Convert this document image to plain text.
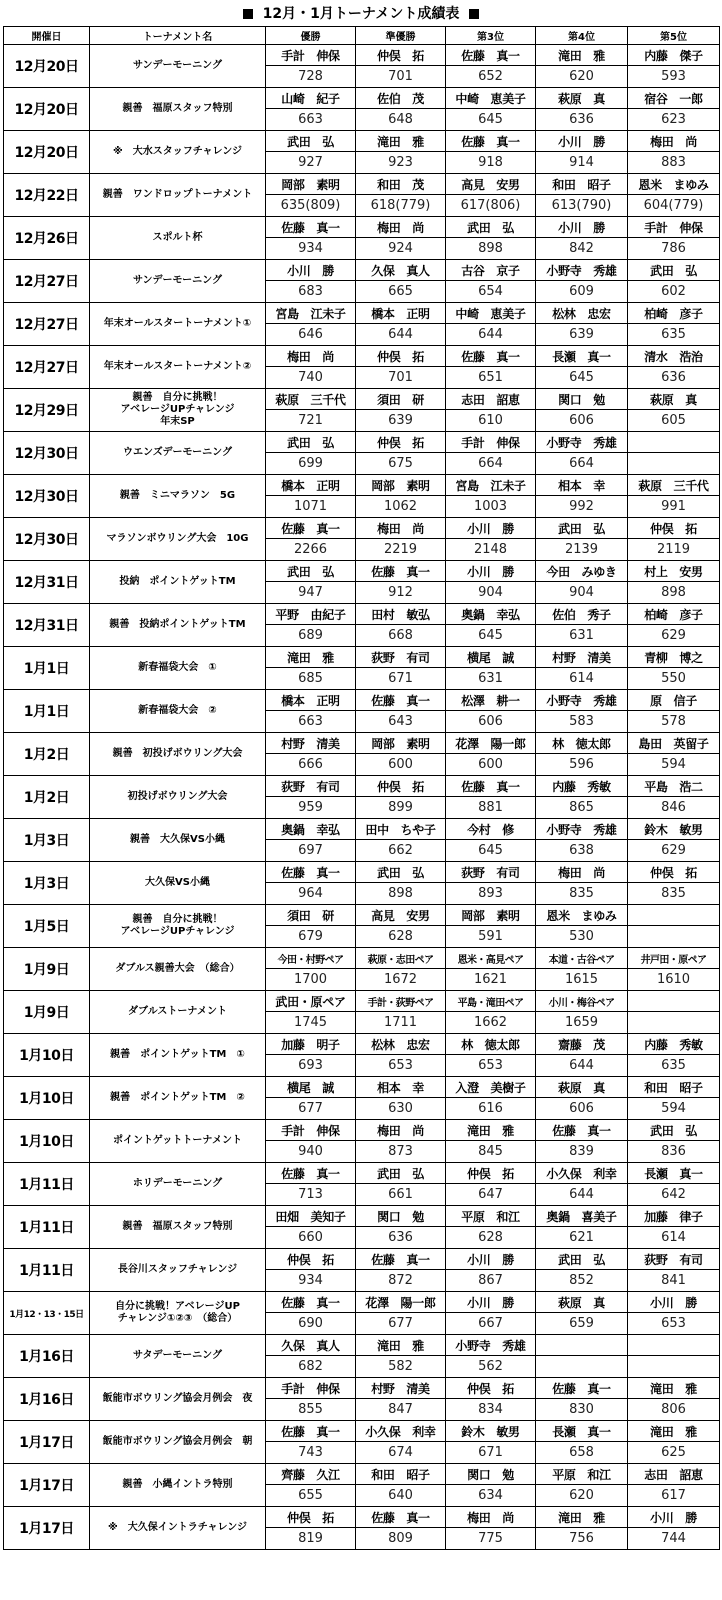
12月・1月トーナメント成績表
開催日	トーナメント名	優勝	準優勝	第3位	第4位	第5位
12月20日	サンデーモーニング	手計　伸保	仲俣　拓	佐藤　真一	滝田　雅	内藤　傑子
		728	701	652	620	593
12月20日	親善　福原スタッフ特別	山崎　紀子	佐伯　茂	中崎　恵美子	萩原　真	宿谷　一郎
		663	648	645	636	623
12月20日	※　大水スタッフチャレンジ	武田　弘	滝田　雅	佐藤　真一	小川　勝	梅田　尚
		927	923	918	914	883
12月22日	親善　ワンドロップトーナメント	岡部　素明	和田　茂	高見　安男	和田　昭子	恩米　まゆみ
		635(809)	618(779)	617(806)	613(790)	604(779)
12月26日	スポルト杯	佐藤　真一	梅田　尚	武田　弘	小川　勝	手計　伸保
		934	924	898	842	786
12月27日	サンデーモーニング	小川　勝	久保　真人	古谷　京子	小野寺　秀雄	武田　弘
		683	665	654	609	602
12月27日	年末オールスタートーナメント①	宮島　江未子	橋本　正明	中崎　恵美子	松林　忠宏	柏崎　彦子
		646	644	644	639	635
12月27日	年末オールスタートーナメント②	梅田　尚	仲俣　拓	佐藤　真一	長瀬　真一	清水　浩治
		740	701	651	645	636
12月29日	親善　自分に挑戦！
アベレージUPチャレンジ
年末SP	萩原　三千代	須田　研	志田　詔恵	関口　勉	萩原　真
		721	639	610	606	605
12月30日	ウエンズデーモーニング	武田　弘	仲俣　拓	手計　伸保	小野寺　秀雄	
		699	675	664	664	
12月30日	親善　ミニマラソン　5G	橋本　正明	岡部　素明	宮島　江未子	相本　幸	萩原　三千代
		1071	1062	1003	992	991
12月30日	マラソンボウリング大会　10G	佐藤　真一	梅田　尚	小川　勝	武田　弘	仲俣　拓
		2266	2219	2148	2139	2119
12月31日	投納　ポイントゲットTM	武田　弘	佐藤　真一	小川　勝	今田　みゆき	村上　安男
		947	912	904	904	898
12月31日	親善　投納ポイントゲットTM	平野　由紀子	田村　敏弘	奥鍋　幸弘	佐伯　秀子	柏崎　彦子
		689	668	645	631	629
1月1日	新春福袋大会　①	滝田　雅	荻野　有司	横尾　誠	村野　清美	青柳　博之
		685	671	631	614	550
1月1日	新春福袋大会　②	橋本　正明	佐藤　真一	松澤　耕一	小野寺　秀雄	原　信子
		663	643	606	583	578
1月2日	親善　初投げボウリング大会	村野　清美	岡部　素明	花澤　陽一郎	林　徳太郎	島田　英留子
		666	600	600	596	594
1月2日	初投げボウリング大会	荻野　有司	仲俣　拓	佐藤　真一	内藤　秀敏	平島　浩二
		959	899	881	865	846
1月3日	親善　大久保VS小縄	奥鍋　幸弘	田中　ちや子	今村　修	小野寺　秀雄	鈴木　敏男
		697	662	645	638	629
1月3日	大久保VS小縄	佐藤　真一	武田　弘	荻野　有司	梅田　尚	仲俣　拓
		964	898	893	835	835
1月5日	親善　自分に挑戦！
アベレージUPチャレンジ	須田　研	高見　安男	岡部　素明	恩米　まゆみ	
		679	628	591	530	
1月9日	ダブルス親善大会　（総合）	今田・村野ペア	萩原・志田ペア	恩米・高見ペア	本道・古谷ペア	井戸田・原ペア
		1700	1672	1621	1615	1610
1月9日	ダブルストーナメント	武田・原ペア	手計・荻野ペア	平島・滝田ペア	小川・梅谷ペア	
		1745	1711	1662	1659	
1月10日	親善　ポイントゲットTM　①	加藤　明子	松林　忠宏	林　徳太郎	齋藤　茂	内藤　秀敏
		693	653	653	644	635
1月10日	親善　ポイントゲットTM　②	横尾　誠	相本　幸	入澄　美樹子	萩原　真	和田　昭子
		677	630	616	606	594
1月10日	ポイントゲットトーナメント	手計　伸保	梅田　尚	滝田　雅	佐藤　真一	武田　弘
		940	873	845	839	836
1月11日	ホリデーモーニング	佐藤　真一	武田　弘	仲俣　拓	小久保　利幸	長瀬　真一
		713	661	647	644	642
1月11日	親善　福原スタッフ特別	田畑　美知子	関口　勉	平原　和江	奥鍋　喜美子	加藤　律子
		660	636	628	621	614
1月11日	長谷川スタッフチャレンジ	仲俣　拓	佐藤　真一	小川　勝	武田　弘	荻野　有司
		934	872	867	852	841
1月12・13・15日	自分に挑戦！アベレージUP
チャレンジ①②③　（総合）	佐藤　真一	花澤　陽一郎	小川　勝	萩原　真	小川　勝
		690	677	667	659	653
1月16日	サタデーモーニング	久保　真人	滝田　雅	小野寺　秀雄		
		682	582	562		
1月16日	飯能市ボウリング協会月例会　夜	手計　伸保	村野　清美	仲俣　拓	佐藤　真一	滝田　雅
		855	847	834	830	806
1月17日	飯能市ボウリング協会月例会　朝	佐藤　真一	小久保　利幸	鈴木　敏男	長瀬　真一	滝田　雅
		743	674	671	658	625
1月17日	親善　小縄イントラ特別	齊藤　久江	和田　昭子	関口　勉	平原　和江	志田　詔恵
		655	640	634	620	617
1月17日	※　大久保イントラチャレンジ	仲俣　拓	佐藤　真一	梅田　尚	滝田　雅	小川　勝
		819	809	775	756	744
